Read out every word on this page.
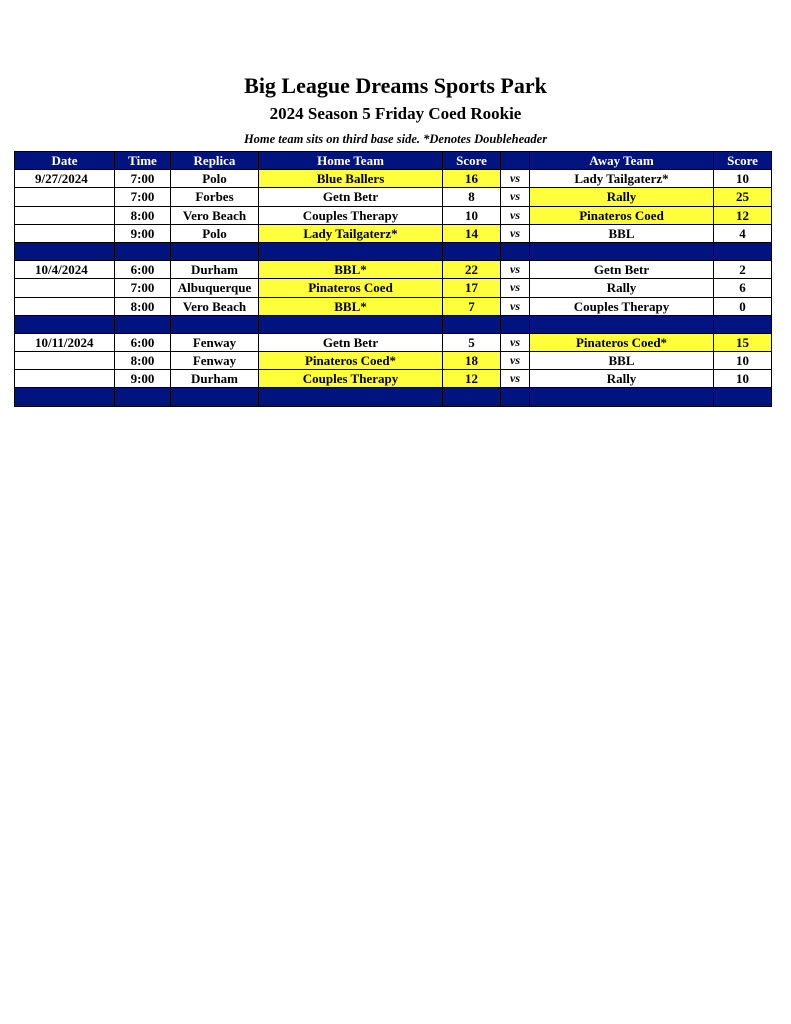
Big League Dreams Sports Park
2024 Season 5 Friday Coed Rookie
Home team sits on third base side. *Denotes Doubleheader
Date	Time	Replica	Home Team	Score		Away Team	Score
9/27/2024	7:00	Polo	Blue Ballers	16	vs	Lady Tailgaterz*	10
	7:00	Forbes	Getn Betr	8	vs	Rally	25
	8:00	Vero Beach	Couples Therapy	10	vs	Pinateros Coed	12
	9:00	Polo	Lady Tailgaterz*	14	vs	BBL	4

10/4/2024	6:00	Durham	BBL*	22	vs	Getn Betr	2
	7:00	Albuquerque	Pinateros Coed	17	vs	Rally	6
	8:00	Vero Beach	BBL*	7	vs	Couples Therapy	0

10/11/2024	6:00	Fenway	Getn Betr	5	vs	Pinateros Coed*	15
	8:00	Fenway	Pinateros Coed*	18	vs	BBL	10
	9:00	Durham	Couples Therapy	12	vs	Rally	10
